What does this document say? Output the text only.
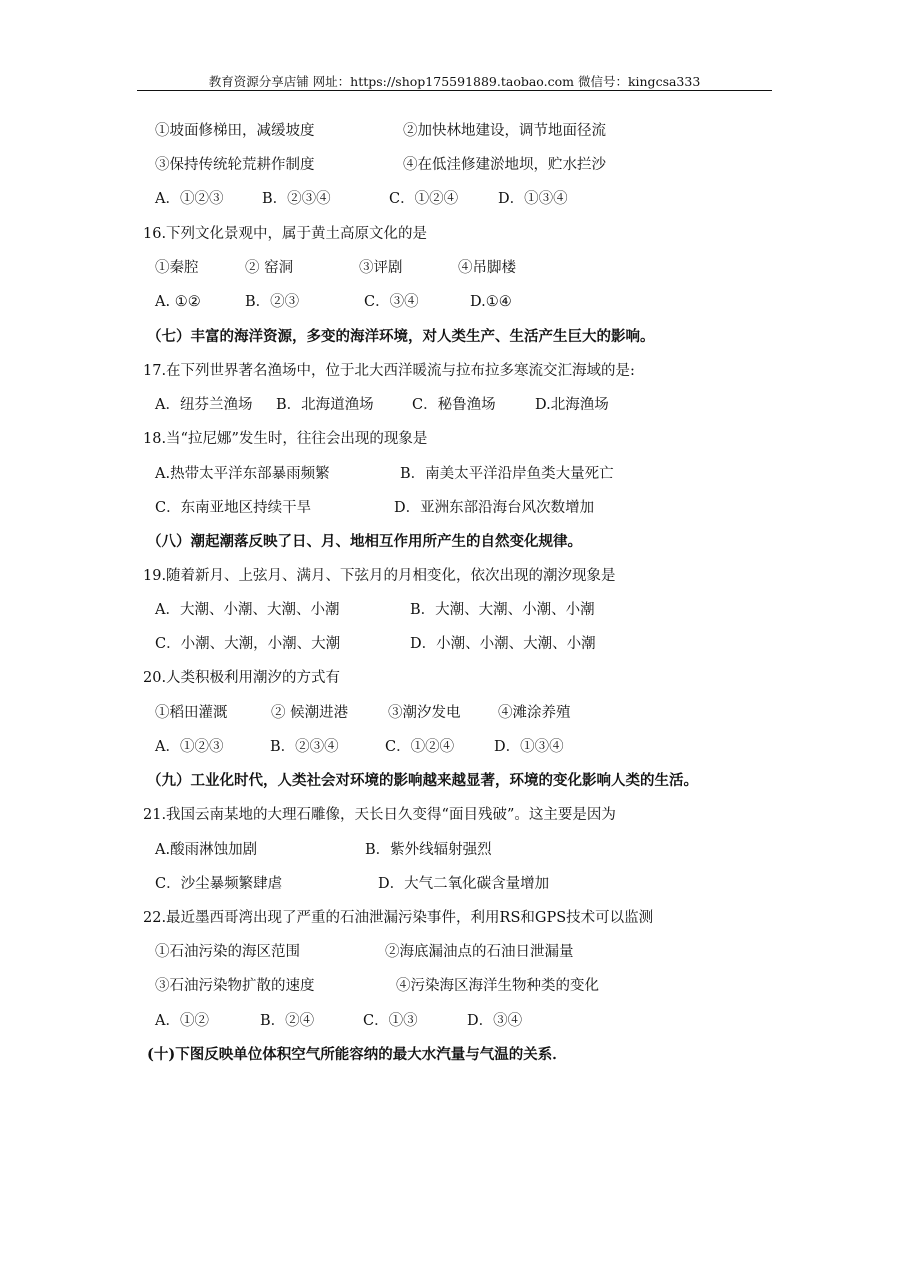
教育资源分享店铺 网址：https://shop175591889.taobao.com 微信号：kingcsa333
①坡面修梯田，减缓坡度	②加快林地建设，调节地面径流
③保持传统轮荒耕作制度	④在低洼修建淤地坝，贮水拦沙
A．①②③	B．②③④	C．①②④	D．①③④
16.下列文化景观中，属于黄土高原文化的是
①秦腔	② 窑洞	③评剧	④吊脚楼
A. ①②	B．②③	C．③④	D.①④
（七）丰富的海洋资源，多变的海洋环境，对人类生产、生活产生巨大的影响。
17.在下列世界著名渔场中，位于北大西洋暖流与拉布拉多寒流交汇海域的是:
A．纽芬兰渔场 B．北海道渔场	C．秘鲁渔场	D.北海渔场
18.当“拉尼娜”发生时，往往会出现的现象是
A.热带太平洋东部暴雨频繁	B．南美太平洋沿岸鱼类大量死亡
C．东南亚地区持续干旱	D．亚洲东部沿海台风次数增加
（八）潮起潮落反映了日、月、地相互作用所产生的自然变化规律。
19.随着新月、上弦月、满月、下弦月的月相变化，依次出现的潮汐现象是
A．大潮、小潮、大潮、小潮	B．大潮、大潮、小潮、小潮
C．小潮、大潮，小潮、大潮	D．小潮、小潮、大潮、小潮
20.人类积极利用潮汐的方式有
①稻田灌溉	② 候潮进港	③潮汐发电	④滩涂养殖
A．①②③	B．②③④	C．①②④	D．①③④
（九）工业化时代，人类社会对环境的影响越来越显著，环境的变化影响人类的生活。
21.我国云南某地的大理石雕像，天长日久变得“面目残破”。这主要是因为
A.酸雨淋蚀加剧	B．紫外线辐射强烈
C．沙尘暴频繁肆虐	D．大气二氧化碳含量增加
22.最近墨西哥湾出现了严重的石油泄漏污染事件，利用RS和GPS技术可以监测
①石油污染的海区范围	②海底漏油点的石油日泄漏量
③石油污染物扩散的速度	④污染海区海洋生物种类的变化
A．①②	B．②④	C．①③	D．③④
(十)下图反映单位体积空气所能容纳的最大水汽量与气温的关系．
